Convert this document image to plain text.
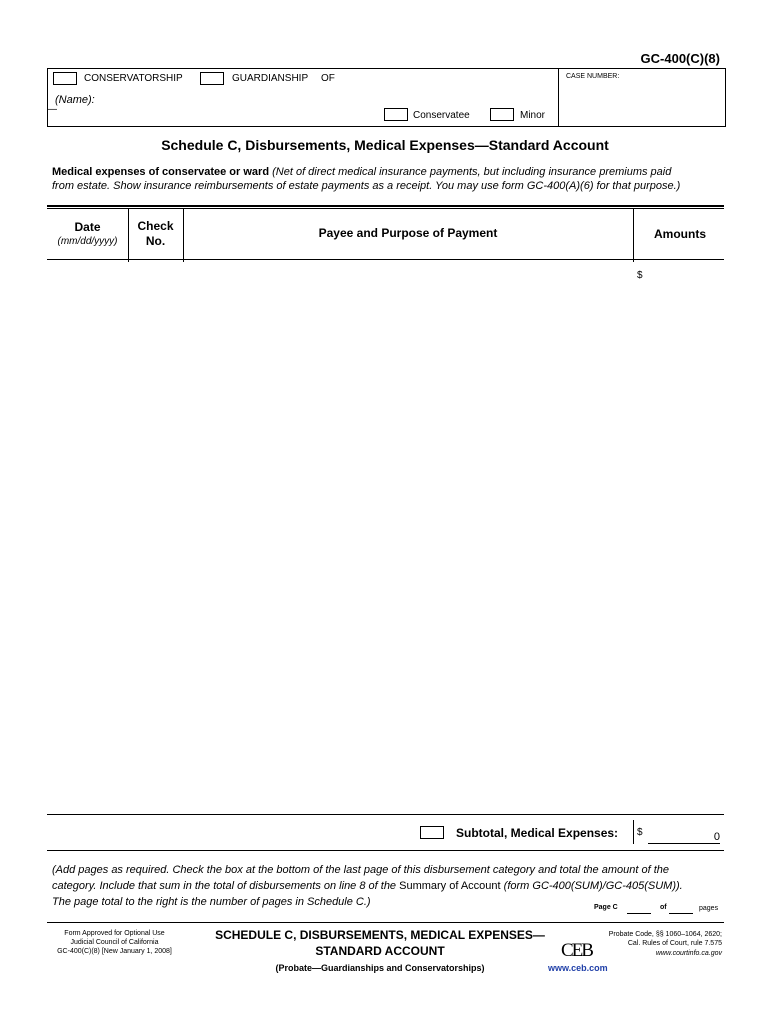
GC-400(C)(8)
CONSERVATORSHIP	GUARDIANSHIP OF	CASE NUMBER:
(Name):
—
Conservatee	Minor
Schedule C, Disbursements, Medical Expenses—Standard Account
Medical expenses of conservatee or ward (Net of direct medical insurance payments, but including insurance premiums paid
from estate. Show insurance reimbursements of estate payments as a receipt. You may use form GC-400(A)(6) for that purpose.)
Date
(mm/dd/yyyy)
Check
No.
Payee and Purpose of Payment	Amounts
$
Subtotal, Medical Expenses: $	0
(Add pages as required. Check the box at the bottom of the last page of this disbursement category and total the amount of the
category. Include that sum in the total of disbursements on line 8 of the Summary of Account (form GC-400(SUM)/GC-405(SUM)).
The page total to the right is the number of pages in Schedule C.)	Page C	of	pages
Form Approved for Optional Use
Judicial Council of California
GC-400(C)(8) [New January 1, 2008]
SCHEDULE C, DISBURSEMENTS, MEDICAL EXPENSES—
STANDARD ACCOUNT
(Probate—Guardianships and Conservatorships)
CEB
www.ceb.com
Probate Code, §§ 1060–1064, 2620;
Cal. Rules of Court, rule 7.575
www.courtinfo.ca.gov
